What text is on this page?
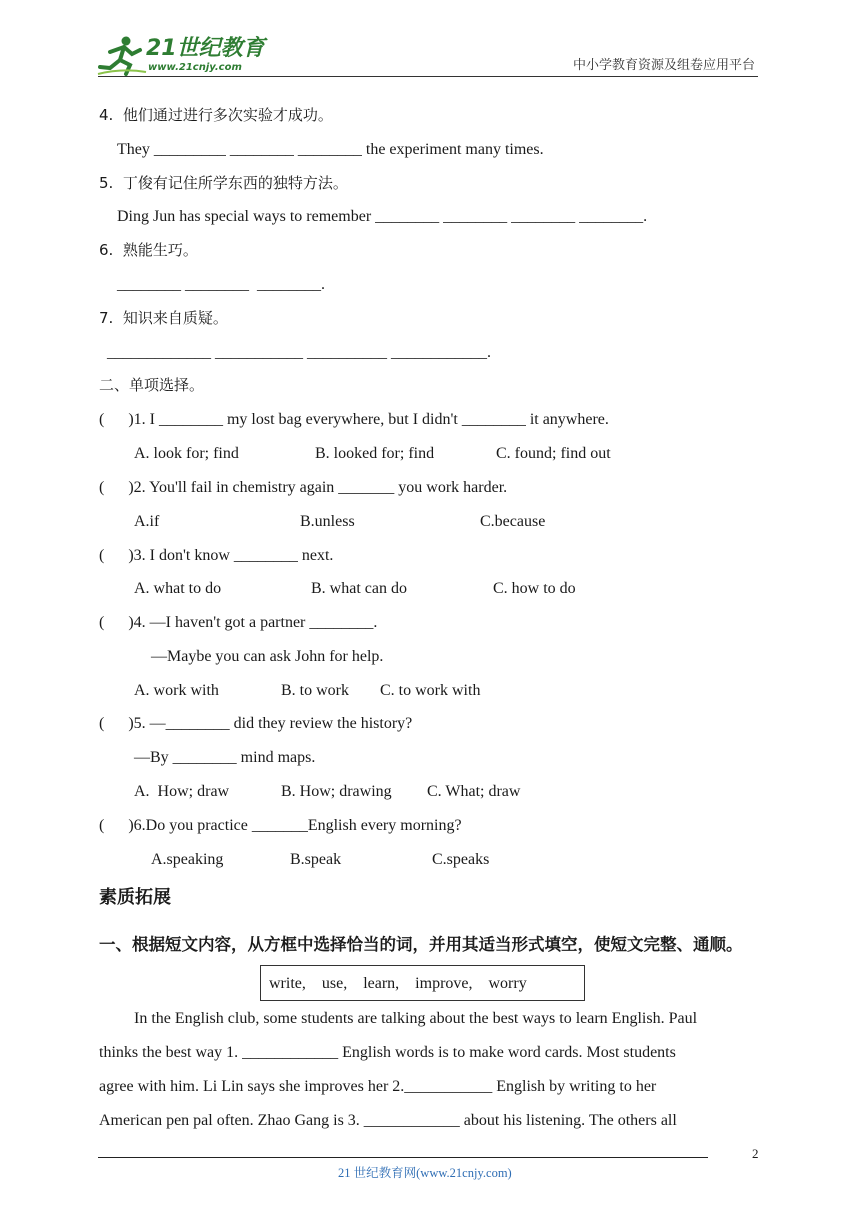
21世纪教育

www.21cnjy.com

	中小学教育资源及组卷应用平台
4.  他们通过进行多次实验才成功。
They _________ ________ ________ the experiment many times.
5.  丁俊有记住所学东西的独特方法。
Ding Jun has special ways to remember ________ ________ ________ ________.
6.  熟能生巧。
________ ________  ________.
7.  知识来自质疑。
_____________ ___________ __________ ____________.
二、单项选择。
(      )1. I ________ my lost bag everywhere, but I didn't ________ it anywhere.
A. look for; find	B. looked for; find	C. found; find out
(      )2. You'll fail in chemistry again _______ you work harder.
A.if	B.unless	C.because
(      )3. I don't know ________ next.
A. what to do	B. what can do	C. how to do
(      )4. —I haven't got a partner ________.
—Maybe you can ask John for help.
A. work with	B. to work C. to work with
(      )5. —________ did they review the history?
—By ________ mind maps.
A.  How; draw	B. How; drawing C. What; draw
(      )6.Do you practice _______English every morning?
A.speaking	B.speak	C.speaks
素质拓展
一、根据短文内容，从方框中选择恰当的词，并用其适当形式填空，使短文完整、通顺。
write,    use,    learn,    improve,    worry
In the English club, some students are talking about the best ways to learn English. Paul
thinks the best way 1. ____________ English words is to make word cards. Most students
agree with him. Li Lin says she improves her 2.___________ English by writing to her
American pen pal often. Zhao Gang is 3. ____________ about his listening. The others all
2
21 世纪教育网(www.21cnjy.com)
